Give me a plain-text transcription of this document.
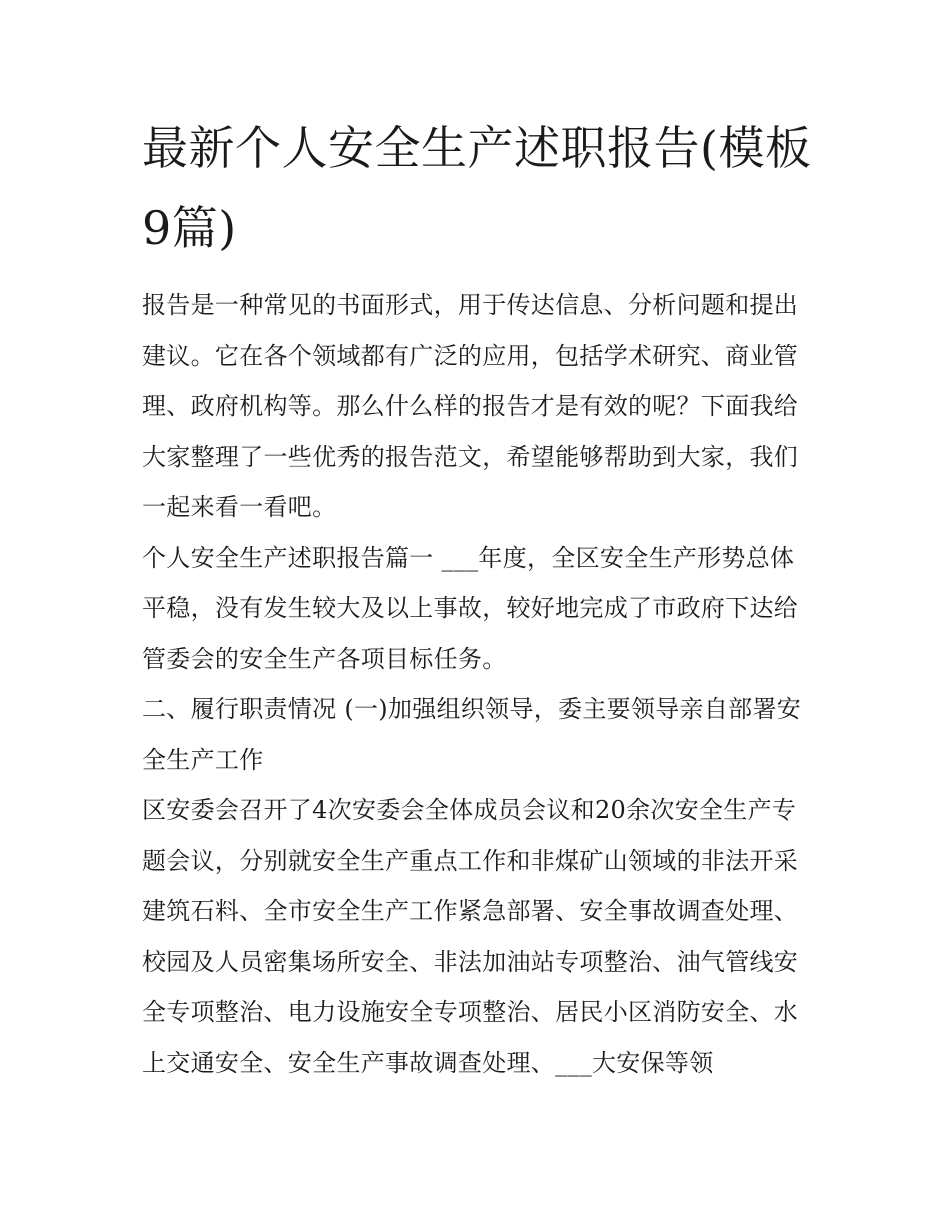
最新个人安全生产述职报告(模板9篇)

报告是一种常见的书面形式，用于传达信息、分析问题和提出建议。它在各个领域都有广泛的应用，包括学术研究、商业管理、政府机构等。那么什么样的报告才是有效的呢？下面我给大家整理了一些优秀的报告范文，希望能够帮助到大家，我们一起来看一看吧。

个人安全生产述职报告篇一 ___年度，全区安全生产形势总体平稳，没有发生较大及以上事故，较好地完成了市政府下达给管委会的安全生产各项目标任务。

二、履行职责情况 (一)加强组织领导，委主要领导亲自部署安全生产工作

区安委会召开了4次安委会全体成员会议和20余次安全生产专题会议，分别就安全生产重点工作和非煤矿山领域的非法开采建筑石料、全市安全生产工作紧急部署、安全事故调查处理、校园及人员密集场所安全、非法加油站专项整治、油气管线安全专项整治、电力设施安全专项整治、居民小区消防安全、水上交通安全、安全生产事故调查处理、___大安保等领
